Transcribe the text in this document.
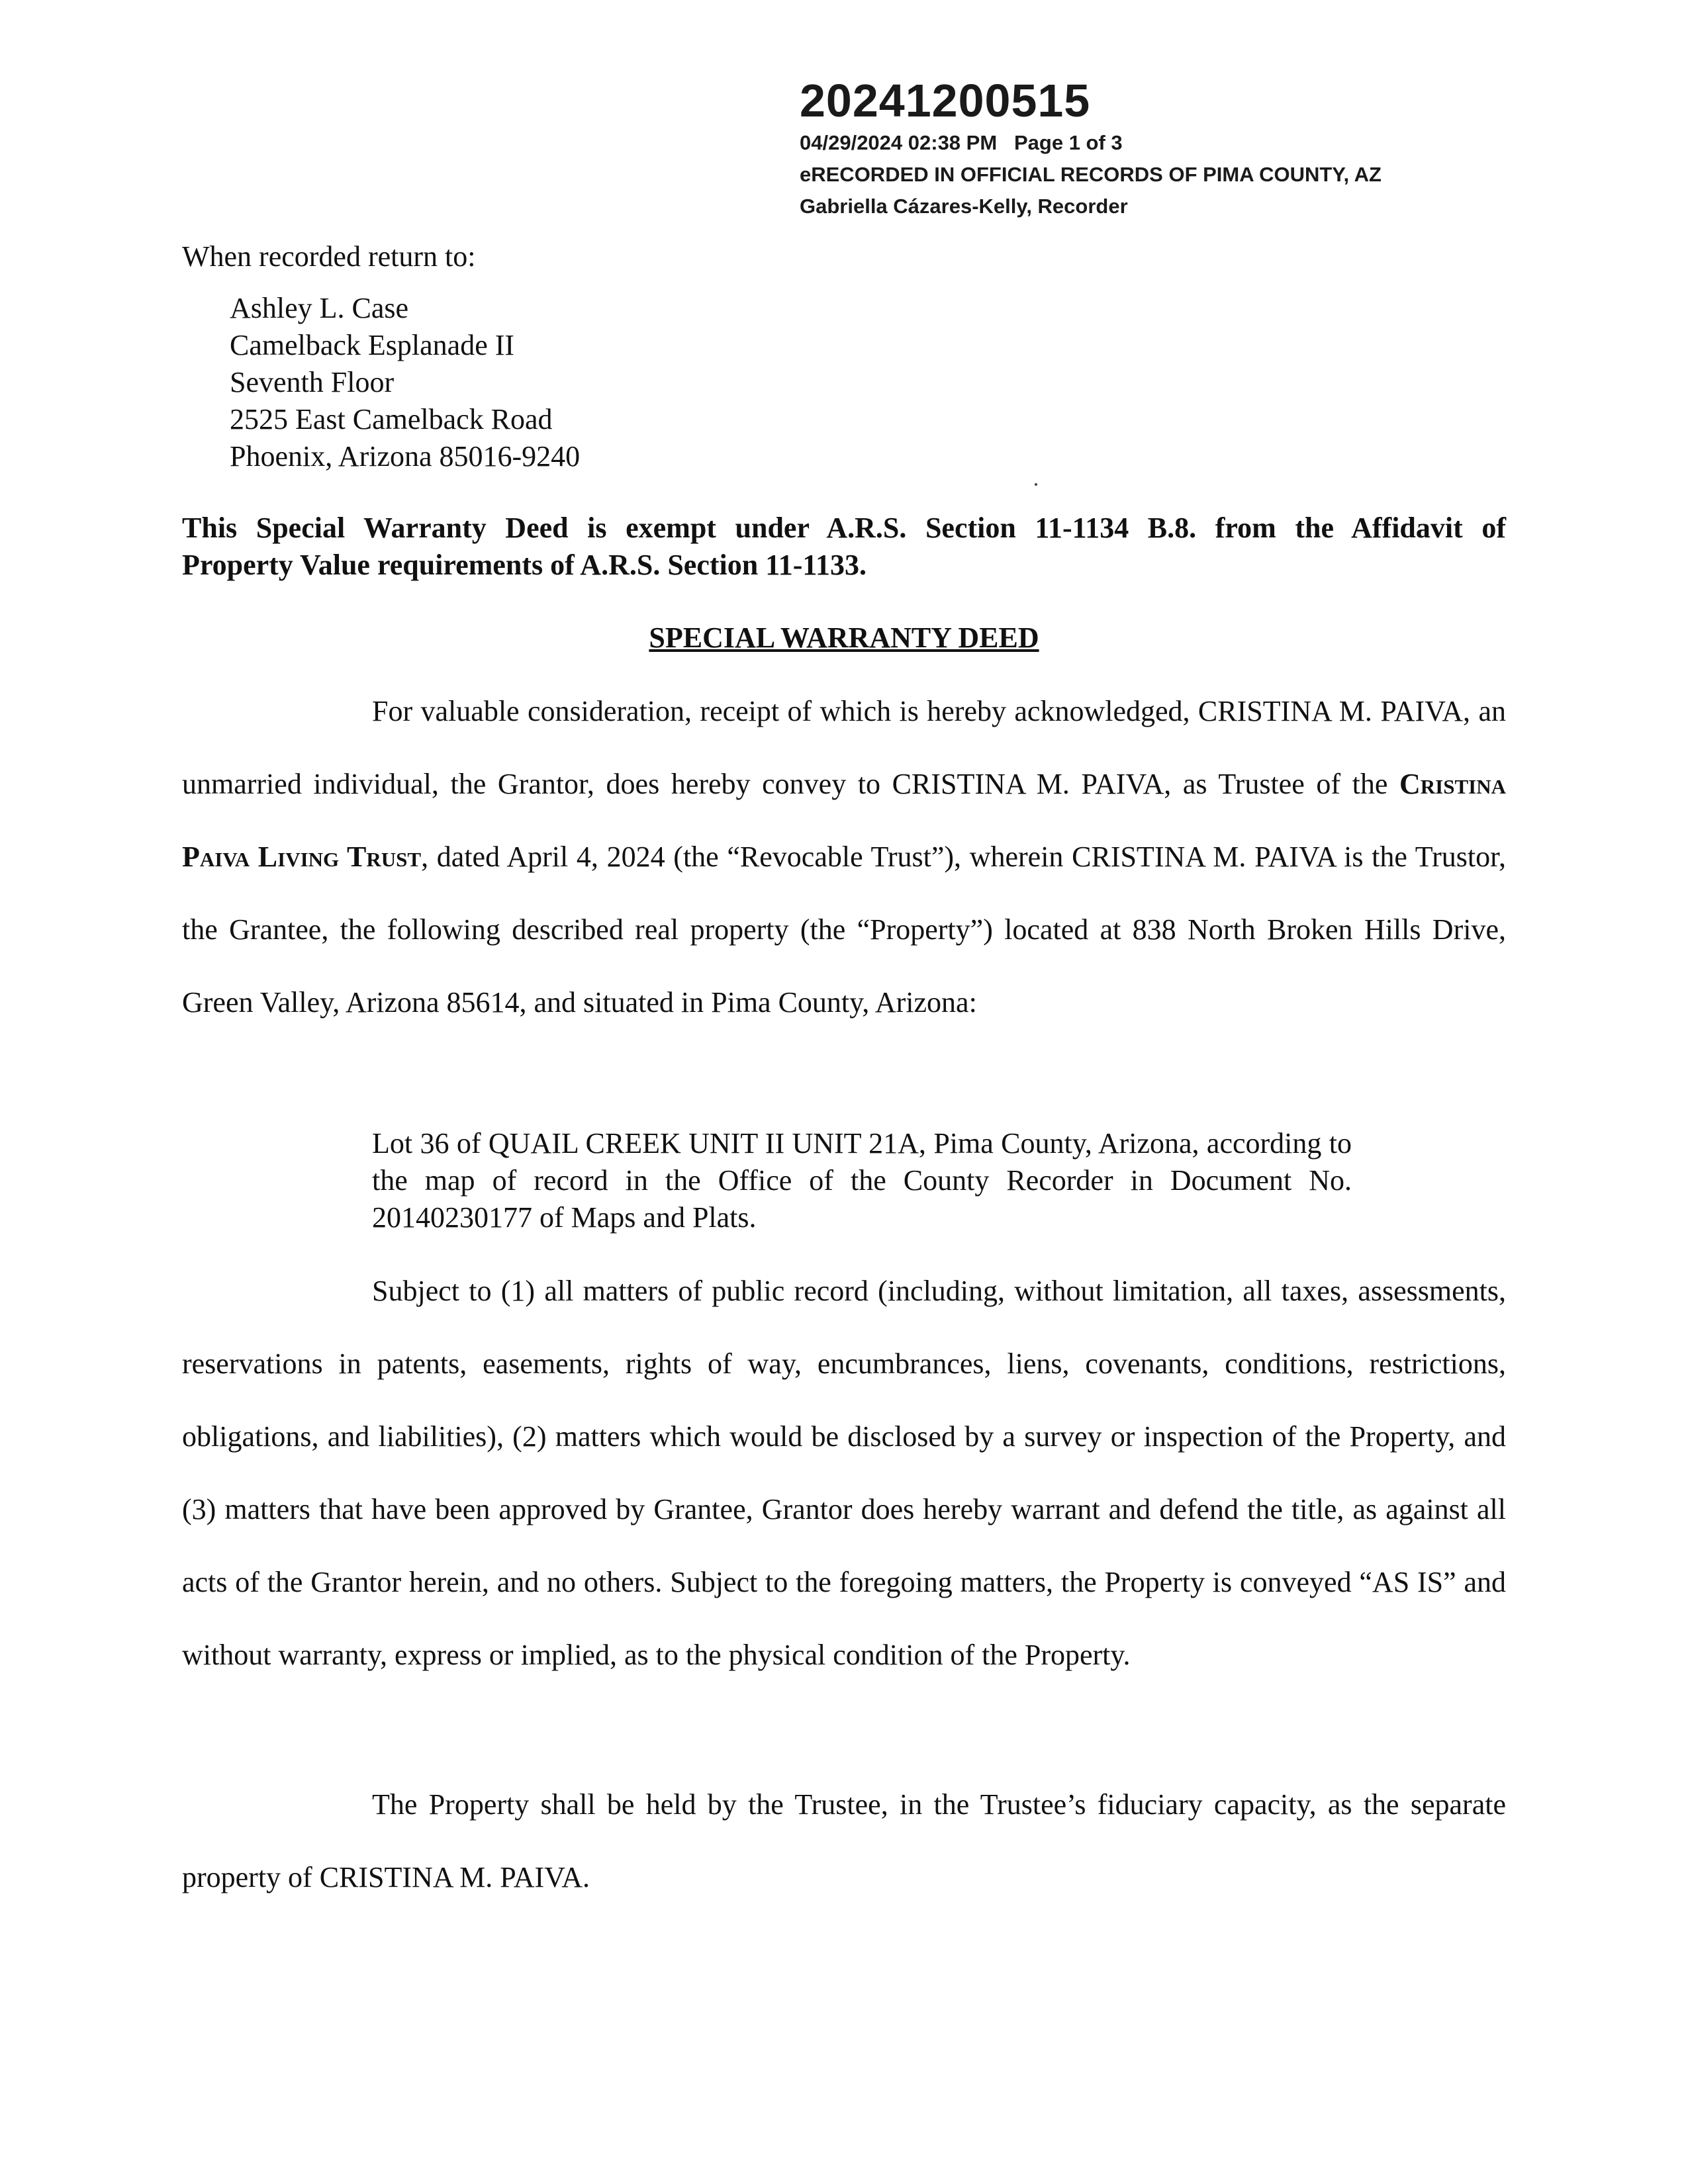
20241200515
04/29/2024 02:38 PM   Page 1 of 3
eRECORDED IN OFFICIAL RECORDS OF PIMA COUNTY, AZ
Gabriella Cázares-Kelly, Recorder
When recorded return to:
Ashley L. Case
Camelback Esplanade II
Seventh Floor
2525 East Camelback Road
Phoenix, Arizona 85016-9240
This Special Warranty Deed is exempt under A.R.S. Section 11-1134 B.8. from the Affidavit of
Property Value requirements of A.R.S. Section 11-1133.
SPECIAL WARRANTY DEED
For valuable consideration, receipt of which is hereby acknowledged, CRISTINA M. PAIVA, an unmarried individual, the Grantor, does hereby convey to CRISTINA M. PAIVA, as Trustee of the Cristina Paiva Living Trust, dated April 4, 2024 (the “Revocable Trust”), wherein CRISTINA M. PAIVA is the Trustor, the Grantee, the following described real property (the “Property”) located at 838 North Broken Hills Drive, Green Valley, Arizona 85614, and situated in Pima County, Arizona:
Lot 36 of QUAIL CREEK UNIT II UNIT 21A, Pima County, Arizona, according to the map of record in the Office of the County Recorder in Document No. 20140230177 of Maps and Plats.
Subject to (1) all matters of public record (including, without limitation, all taxes, assessments, reservations in patents, easements, rights of way, encumbrances, liens, covenants, conditions, restrictions, obligations, and liabilities), (2) matters which would be disclosed by a survey or inspection of the Property, and (3) matters that have been approved by Grantee, Grantor does hereby warrant and defend the title, as against all acts of the Grantor herein, and no others. Subject to the foregoing matters, the Property is conveyed “AS IS” and without warranty, express or implied, as to the physical condition of the Property.
The Property shall be held by the Trustee, in the Trustee’s fiduciary capacity, as the separate property of CRISTINA M. PAIVA.
